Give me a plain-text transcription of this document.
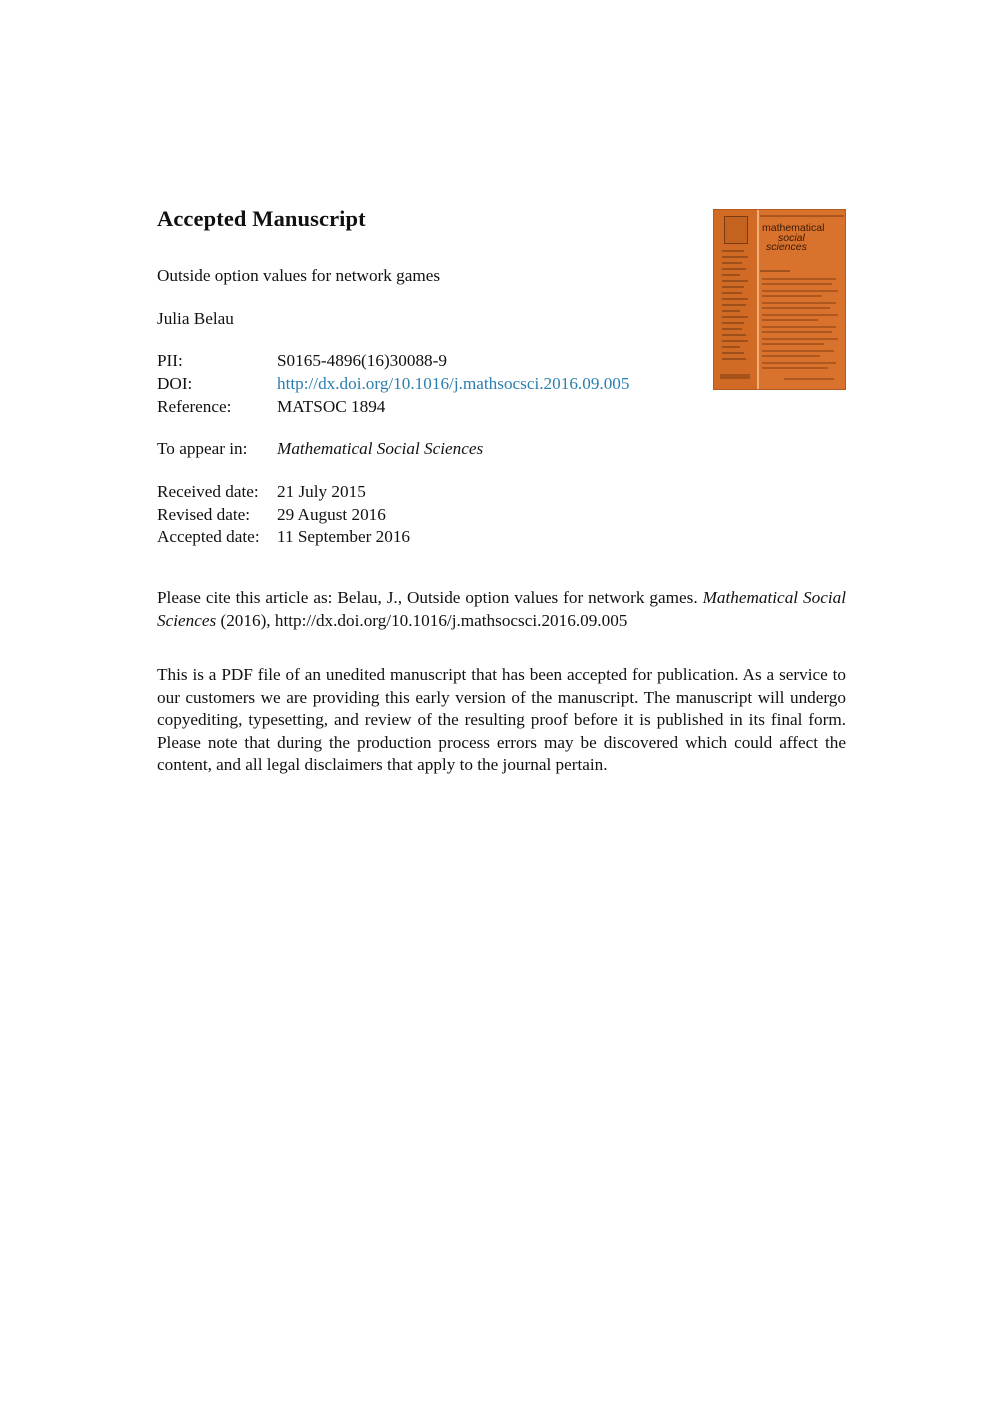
Accepted Manuscript
Outside option values for network games
Julia Belau
PII:	S0165-4896(16)30088-9
DOI:	http://dx.doi.org/10.1016/j.mathsocsci.2016.09.005
Reference:	MATSOC 1894
To appear in: Mathematical Social Sciences
Received date: 21 July 2015
Revised date: 29 August 2016
Accepted date: 11 September 2016

Please cite this article as: Belau, J., Outside option values for network games. Mathematical Social Sciences (2016), http://dx.doi.org/10.1016/j.mathsocsci.2016.09.005

This is a PDF file of an unedited manuscript that has been accepted for publication. As a service to our customers we are providing this early version of the manuscript. The manuscript will undergo copyediting, typesetting, and review of the resulting proof before it is published in its final form. Please note that during the production process errors may be discovered which could affect the content, and all legal disclaimers that apply to the journal pertain.

mathematical
social
sciences
